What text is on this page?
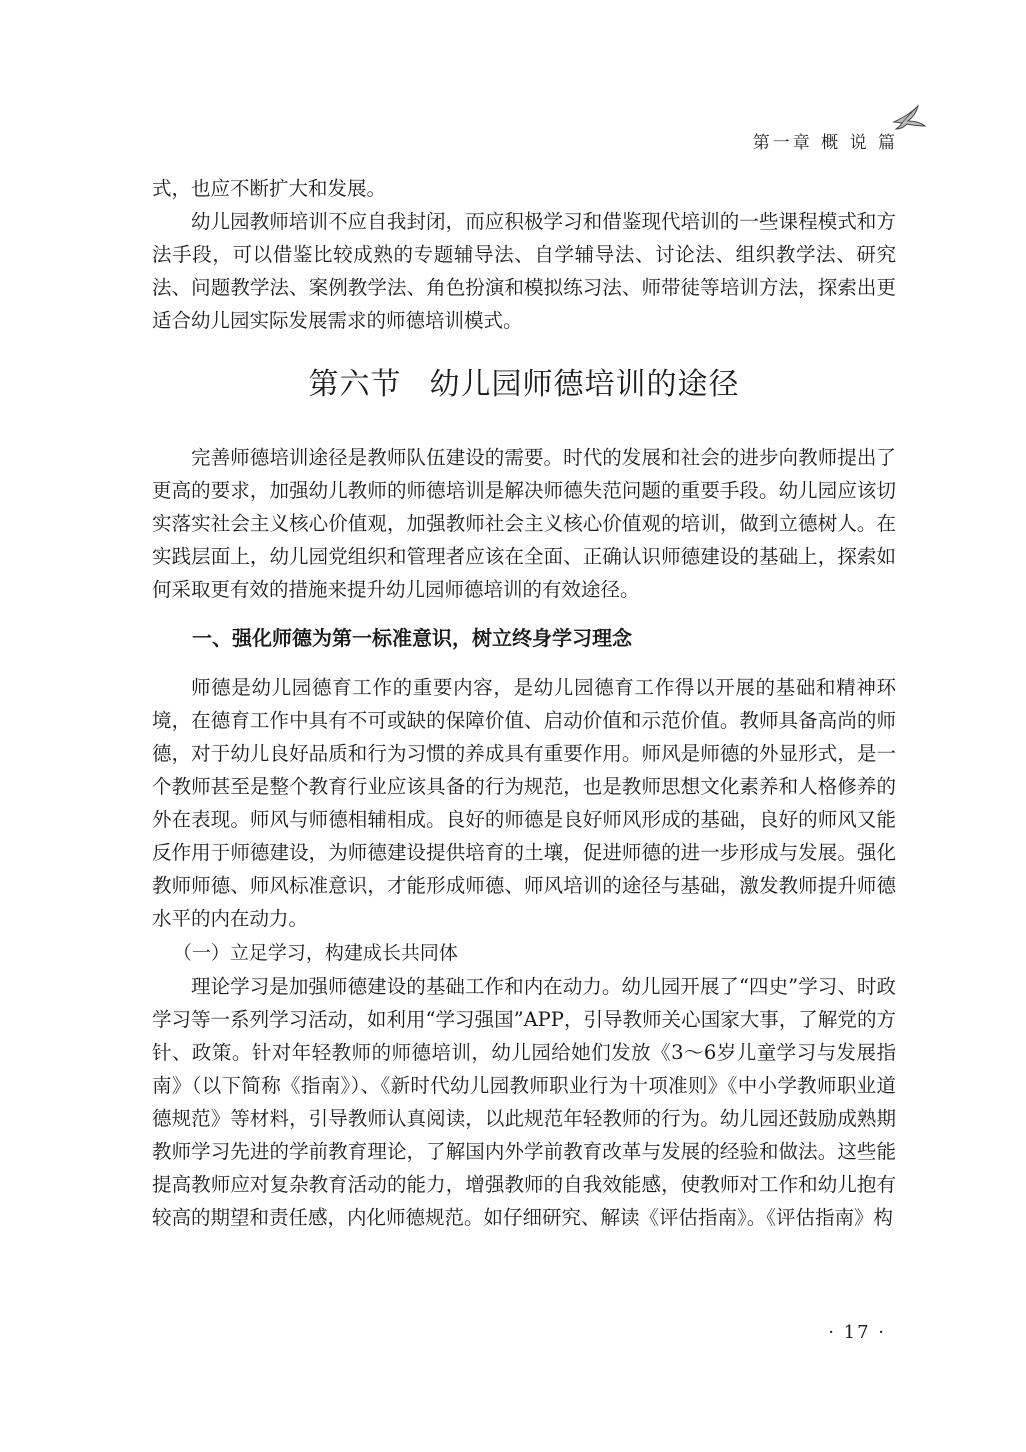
第一章 概 说 篇

式，也应不断扩大和发展。

幼儿园教师培训不应自我封闭，而应积极学习和借鉴现代培训的一些课程模式和方法手段，可以借鉴比较成熟的专题辅导法、自学辅导法、讨论法、组织教学法、研究法、问题教学法、案例教学法、角色扮演和模拟练习法、师带徒等培训方法，探索出更适合幼儿园实际发展需求的师德培训模式。

第六节 幼儿园师德培训的途径

完善师德培训途径是教师队伍建设的需要。时代的发展和社会的进步向教师提出了更高的要求，加强幼儿教师的师德培训是解决师德失范问题的重要手段。幼儿园应该切实落实社会主义核心价值观，加强教师社会主义核心价值观的培训，做到立德树人。在实践层面上，幼儿园党组织和管理者应该在全面、正确认识师德建设的基础上，探索如何采取更有效的措施来提升幼儿园师德培训的有效途径。

一、强化师德为第一标准意识，树立终身学习理念

师德是幼儿园德育工作的重要内容，是幼儿园德育工作得以开展的基础和精神环境，在德育工作中具有不可或缺的保障价值、启动价值和示范价值。教师具备高尚的师德，对于幼儿良好品质和行为习惯的养成具有重要作用。师风是师德的外显形式，是一个教师甚至是整个教育行业应该具备的行为规范，也是教师思想文化素养和人格修养的外在表现。师风与师德相辅相成。良好的师德是良好师风形成的基础，良好的师风又能反作用于师德建设，为师德建设提供培育的土壤，促进师德的进一步形成与发展。强化教师师德、师风标准意识，才能形成师德、师风培训的途径与基础，激发教师提升师德水平的内在动力。

（一）立足学习，构建成长共同体

理论学习是加强师德建设的基础工作和内在动力。幼儿园开展了“四史”学习、时政学习等一系列学习活动，如利用“学习强国”APP，引导教师关心国家大事，了解党的方针、政策。针对年轻教师的师德培训，幼儿园给她们发放《3～6岁儿童学习与发展指南》（以下简称《指南》）、《新时代幼儿园教师职业行为十项准则》《中小学教师职业道德规范》等材料，引导教师认真阅读，以此规范年轻教师的行为。幼儿园还鼓励成熟期教师学习先进的学前教育理论，了解国内外学前教育改革与发展的经验和做法。这些能提高教师应对复杂教育活动的能力，增强教师的自我效能感，使教师对工作和幼儿抱有较高的期望和责任感，内化师德规范。如仔细研究、解读《评估指南》。《评估指南》构

· 17 ·
